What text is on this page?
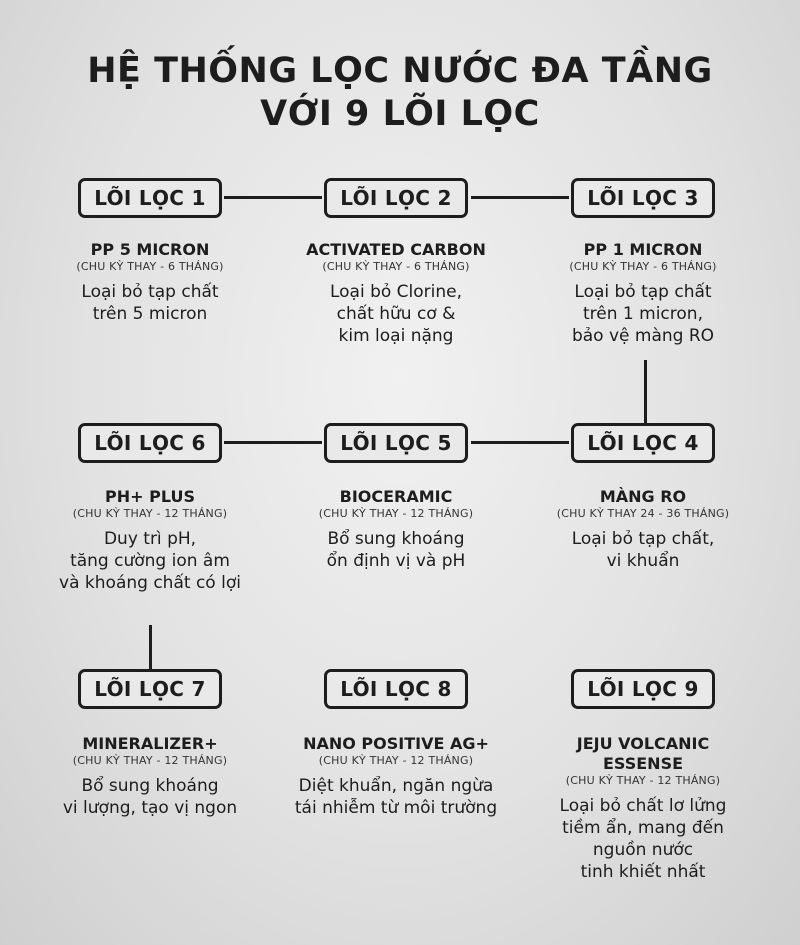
HỆ THỐNG LỌC NƯỚC ĐA TẦNG
VỚI 9 LÕI LỌC
LÕI LỌC 1	LÕI LỌC 2	LÕI LỌC 3
PP 5 MICRON
(CHU KỲ THAY - 6 THÁNG)
Loại bỏ tạp chất
trên 5 micron
ACTIVATED CARBON
(CHU KỲ THAY - 6 THÁNG)
Loại bỏ Clorine,
chất hữu cơ &
kim loại nặng
PP 1 MICRON
(CHU KỲ THAY - 6 THÁNG)
Loại bỏ tạp chất
trên 1 micron,
bảo vệ màng RO
LÕI LỌC 6	LÕI LỌC 5	LÕI LỌC 4
PH+ PLUS
(CHU KỲ THAY - 12 THÁNG)
Duy trì pH,
tăng cường ion âm
và khoáng chất có lợi
BIOCERAMIC
(CHU KỲ THAY - 12 THÁNG)
Bổ sung khoáng
ổn định vị và pH
MÀNG RO
(CHU KỲ THAY 24 - 36 THÁNG)
Loại bỏ tạp chất,
vi khuẩn
LÕI LỌC 7	LÕI LỌC 8	LÕI LỌC 9
MINERALIZER+
(CHU KỲ THAY - 12 THÁNG)
Bổ sung khoáng
vi lượng, tạo vị ngon
NANO POSITIVE AG+
(CHU KỲ THAY - 12 THÁNG)
Diệt khuẩn, ngăn ngừa
tái nhiễm từ môi trường
JEJU VOLCANIC
ESSENSE
(CHU KỲ THAY - 12 THÁNG)
Loại bỏ chất lơ lửng
tiềm ẩn, mang đến
nguồn nước
tinh khiết nhất
